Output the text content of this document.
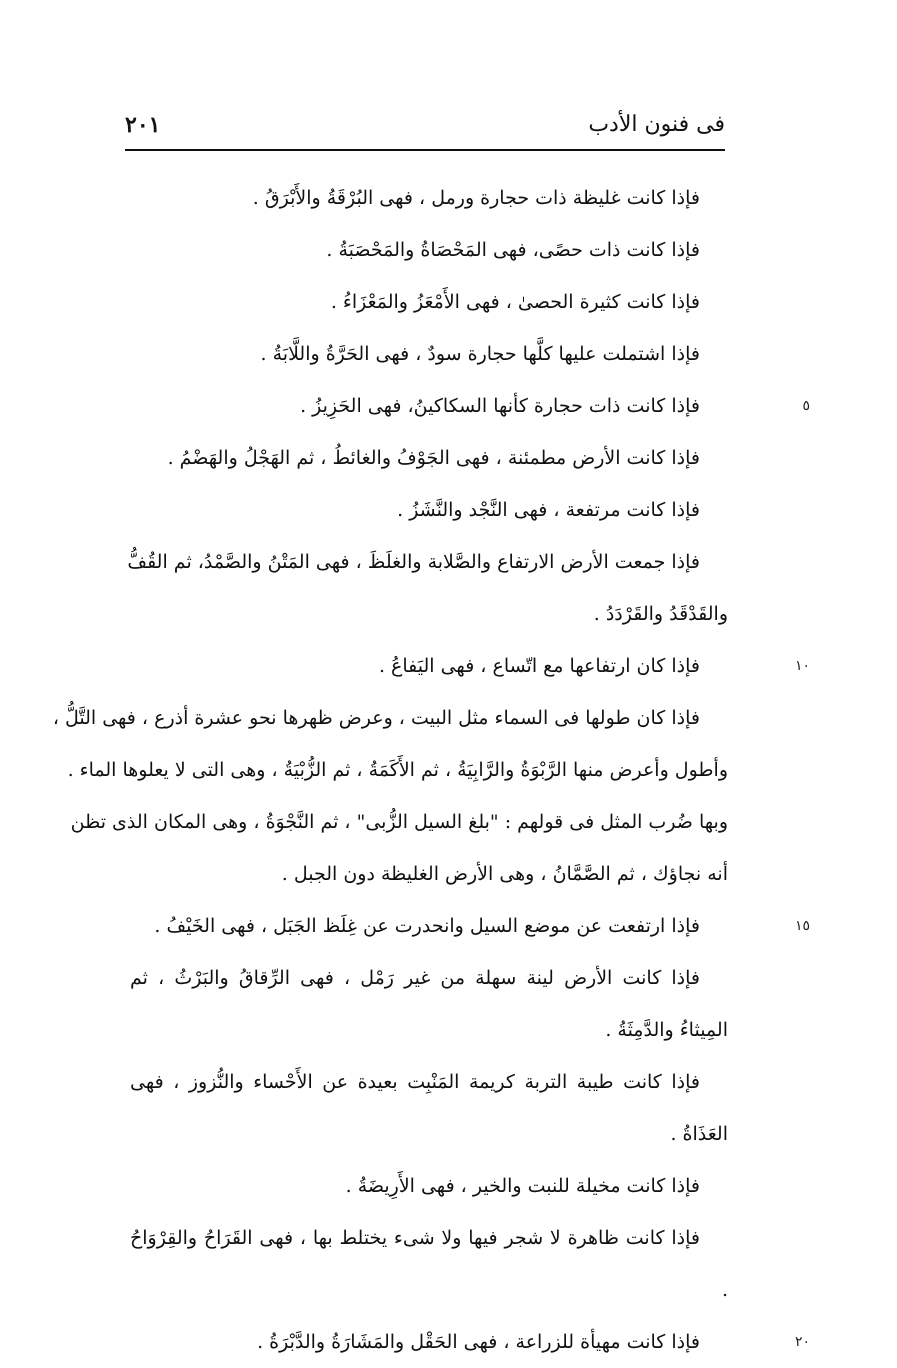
فى فنون الأدب
٢٠١

فإذا كانت غليظة ذات حجارة ورمل ، فهى البُرْقَةُ والأَبْرَقُ .

فإذا كانت ذات حصًى، فهى المَحْصَاةُ والمَحْصَبَةُ .

فإذا كانت كثيرة الحصىٰ ، فهى الأَمْعَزُ والمَعْزَاءُ .

فإذا اشتملت عليها كلَّها حجارة سودٌ ، فهى الحَرَّةُ واللَّابَةُ .

فإذا كانت ذات حجارة كأنها السكاكينُ، فهى الحَزِيزُ .	٥

فإذا كانت الأرض مطمئنة ، فهى الجَوْفُ والغائطُ ، ثم الهَجْلُ والهَضْمُ .

فإذا كانت مرتفعة ، فهى النَّجْد والنَّشَزُ .

فإذا جمعت الأرض الارتفاع والصَّلابة والغلَظَ ، فهى المَتْنُ والصَّمْدُ، ثم القُفُّ

والقَدْقَدُ والقَرْدَدُ .

فإذا كان ارتفاعها مع اتّساع ، فهى اليَفاعُ .	١٠

فإذا كان طولها فى السماء مثل البيت ، وعرض ظهرها نحو عشرة أذرع ، فهى التَّلُّ ،

وأطول وأعرض منها الرَّبْوَةُ والرَّابِيَةُ ، ثم الأَكَمَةُ ، ثم الزُّبْيَةُ ، وهى التى لا يعلوها الماء .

وبها ضُرب المثل فى قولهم : "بلغ السيل الزُّبى" ، ثم النَّجْوَةُ ، وهى المكان الذى تظن

أنه نجاؤك ، ثم الصَّمَّانُ ، وهى الأرض الغليظة دون الجبل .

فإذا ارتفعت عن موضع السيل وانحدرت عن غِلَظ الجَبَل ، فهى الخَيْفُ .	١٥

فإذا كانت الأرض لينة سهلة من غير رَمْل ، فهى الرِّقاقُ والبَرْثُ ، ثم المِيثاءُ والدَّمِثَةُ .

فإذا كانت طيبة التربة كريمة المَنْبِت بعيدة عن الأَحْساء والنُّزوز ، فهى العَذَاةُ .

فإذا كانت مخيلة للنبت والخير ، فهى الأَرِيضَةُ .

فإذا كانت ظاهرة لا شجر فيها ولا شىء يختلط بها ، فهى القَرَاحُ والقِرْوَاحُ .

فإذا كانت مهيأة للزراعة ، فهى الحَقْل والمَشَارَةُ والدَّبْرَةُ .	٢٠
